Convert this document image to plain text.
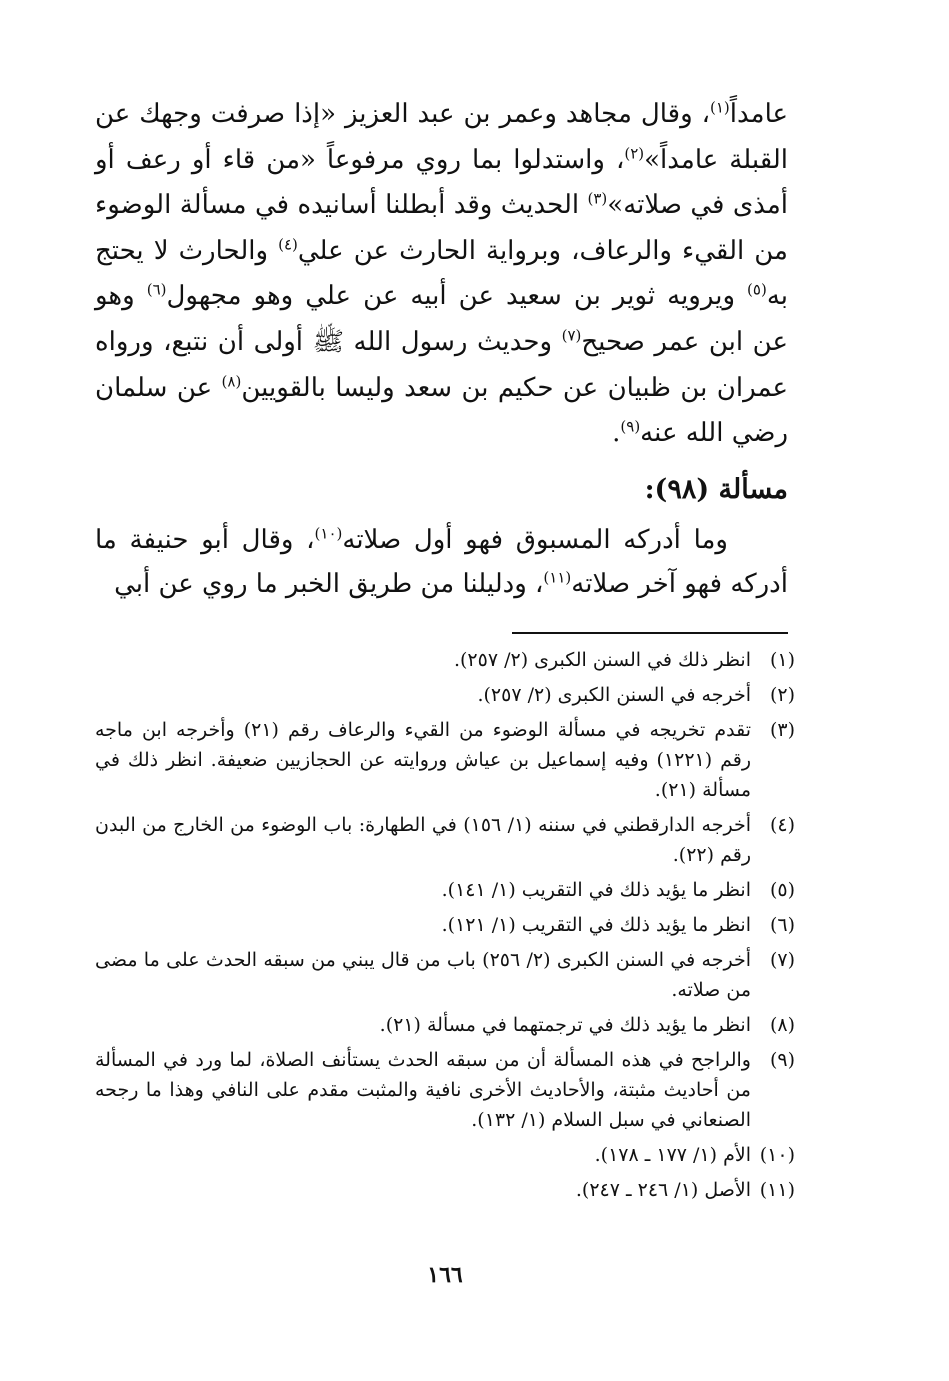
عامداً$^{(١)}$، وقال مجاهد وعمر بن عبد العزيز «إذا صرفت وجهك عن القبلة عامداً»$^{(٢)}$، واستدلوا بما روي مرفوعاً «من قاء أو رعف أو أمذى في صلاته»$^{(٣)}$ الحديث وقد أبطلنا أسانيده في مسألة الوضوء من القيء والرعاف، وبرواية الحارث عن علي$^{(٤)}$ والحارث لا يحتج به$^{(٥)}$ ويرويه ثوير بن سعيد عن أبيه عن علي وهو مجهول$^{(٦)}$ وهو عن ابن عمر صحيح$^{(٧)}$ وحديث رسول الله ﷺ أولى أن نتبع، ورواه عمران بن ظبيان عن حكيم بن سعد وليسا بالقويين$^{(٨)}$ عن سلمان رضي الله عنه$^{(٩)}$.

مسألة (٩٨):

وما أدركه المسبوق فهو أول صلاته$^{(١٠)}$، وقال أبو حنيفة ما أدركه فهو آخر صلاته$^{(١١)}$، ودليلنا من طريق الخبر ما روي عن أبي

(١)
انظر ذلك في السنن الكبرى (٢/ ٢٥٧).
(٢)
أخرجه في السنن الكبرى (٢/ ٢٥٧).
(٣)
تقدم تخريجه في مسألة الوضوء من القيء والرعاف رقم (٢١) وأخرجه ابن ماجه رقم (١٢٢١) وفيه إسماعيل بن عياش وروايته عن الحجازيين ضعيفة. انظر ذلك في مسألة (٢١).
(٤)
أخرجه الدارقطني في سننه (١/ ١٥٦) في الطهارة: باب الوضوء من الخارج من البدن رقم (٢٢).
(٥)
انظر ما يؤيد ذلك في التقريب (١/ ١٤١).
(٦)
انظر ما يؤيد ذلك في التقريب (١/ ١٢١).
(٧)
أخرجه في السنن الكبرى (٢/ ٢٥٦) باب من قال يبني من سبقه الحدث على ما مضى من صلاته.
(٨)
انظر ما يؤيد ذلك في ترجمتهما في مسألة (٢١).
(٩)
والراجح في هذه المسألة أن من سبقه الحدث يستأنف الصلاة، لما ورد في المسألة من أحاديث مثبتة، والأحاديث الأخرى نافية والمثبت مقدم على النافي وهذا ما رجحه الصنعاني في سبل السلام (١/ ١٣٢).
(١٠)
الأم (١/ ١٧٧ ـ ١٧٨).
(١١)
الأصل (١/ ٢٤٦ ـ ٢٤٧).
١٦٦
